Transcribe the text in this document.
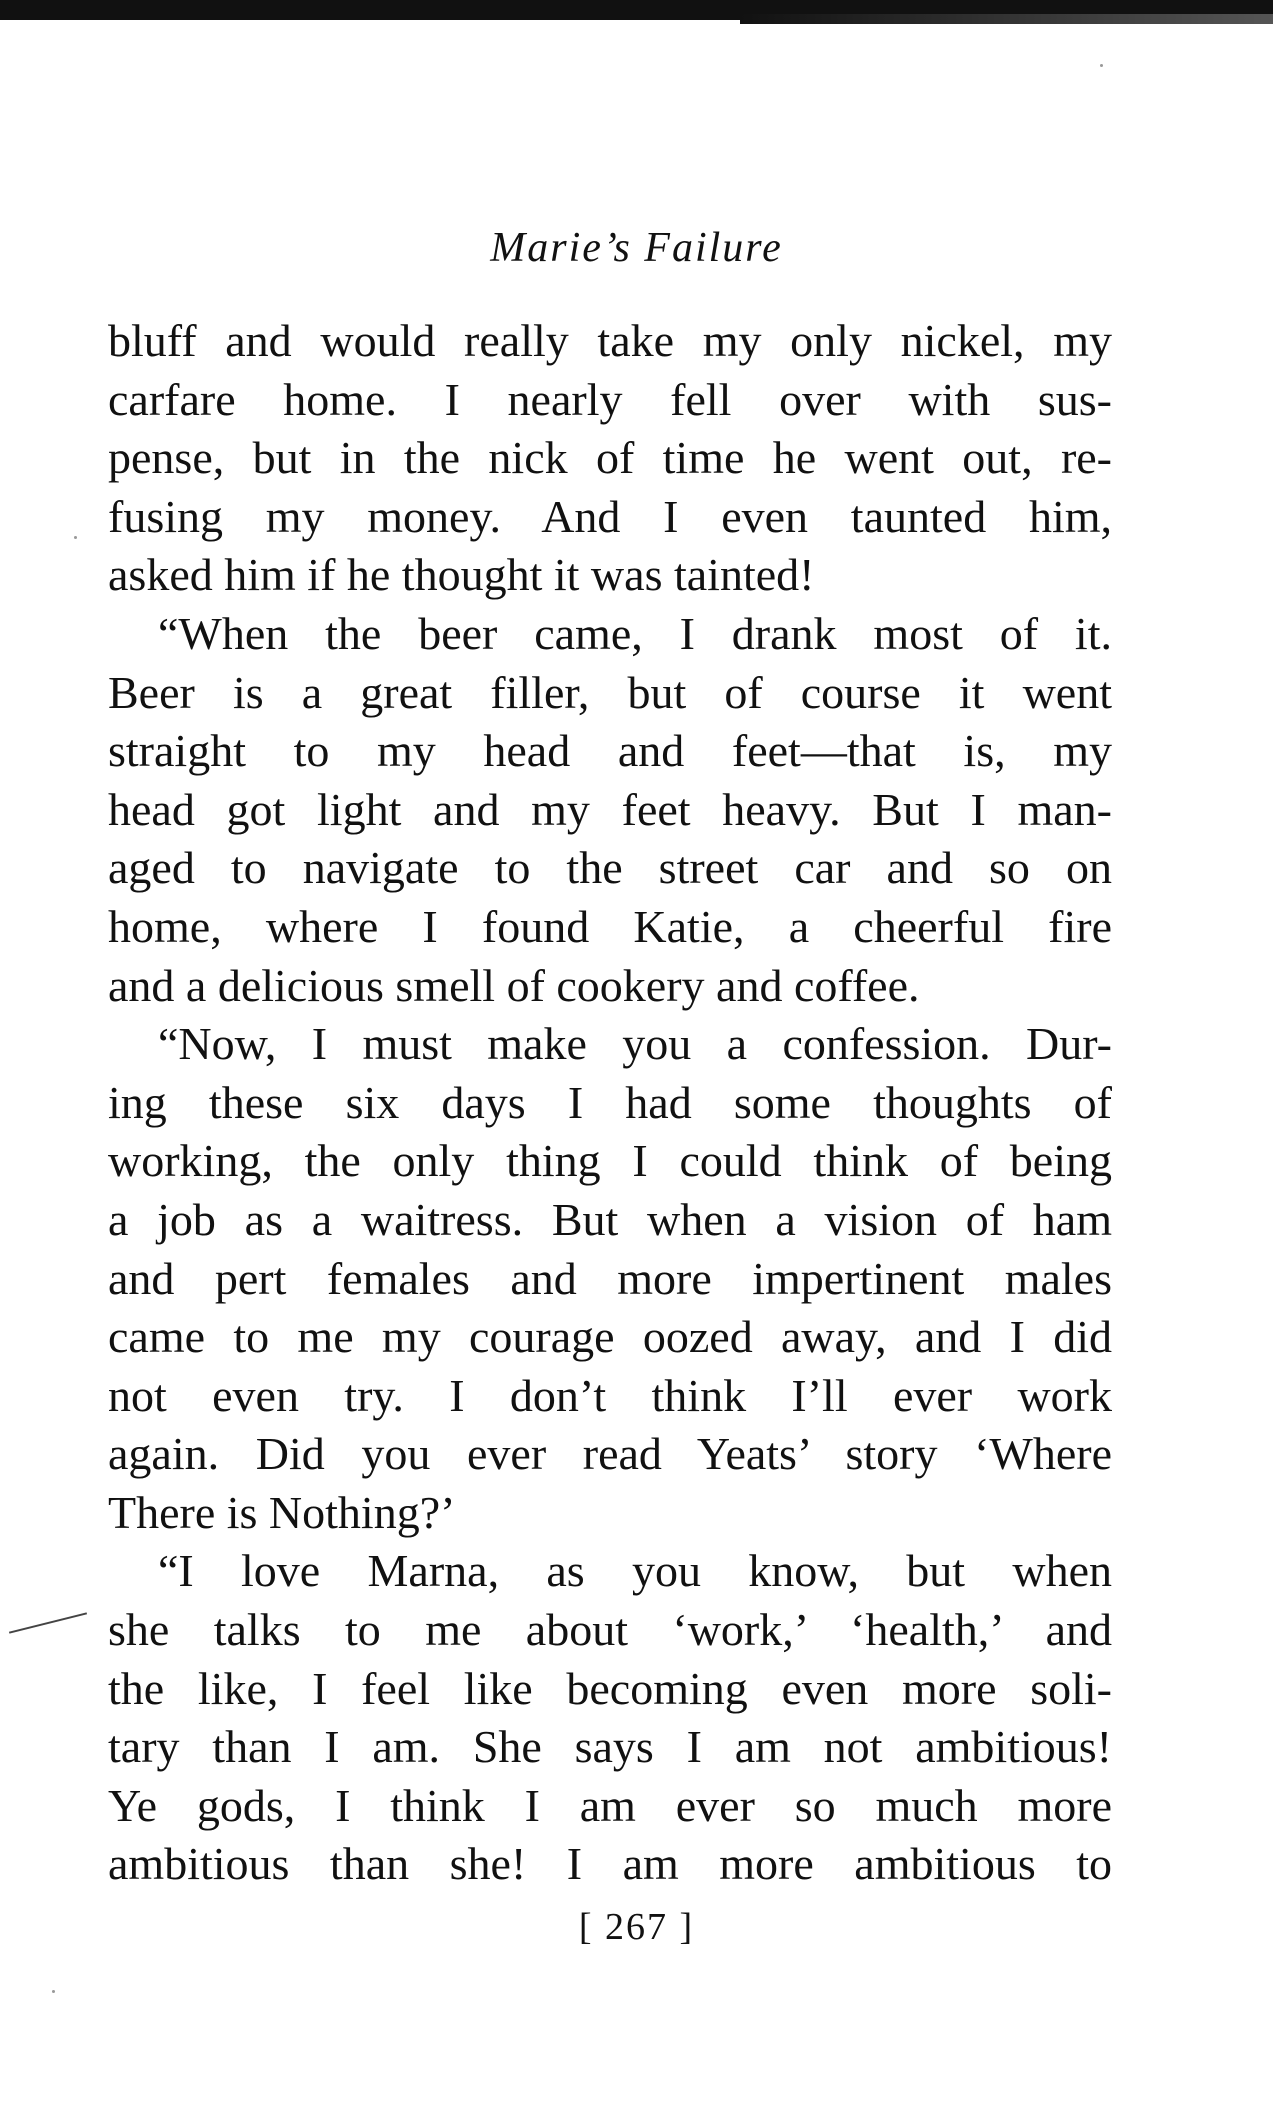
Marie’s Failure
bluff and would really take my only nickel, my
carfare home. I nearly fell over with sus-
pense, but in the nick of time he went out, re-
fusing my money. And I even taunted him,
asked him if he thought it was tainted!
“When the beer came, I drank most of it.
Beer is a great filler, but of course it went
straight to my head and feet—that is, my
head got light and my feet heavy. But I man-
aged to navigate to the street car and so on
home, where I found Katie, a cheerful fire
and a delicious smell of cookery and coffee.
“Now, I must make you a confession. Dur-
ing these six days I had some thoughts of
working, the only thing I could think of being
a job as a waitress. But when a vision of ham
and pert females and more impertinent males
came to me my courage oozed away, and I did
not even try. I don’t think I’ll ever work
again. Did you ever read Yeats’ story ‘Where
There is Nothing?’
“I love Marna, as you know, but when
she talks to me about ‘work,’ ‘health,’ and
the like, I feel like becoming even more soli-
tary than I am. She says I am not ambitious!
Ye gods, I think I am ever so much more
ambitious than she! I am more ambitious to
[ 267 ]
